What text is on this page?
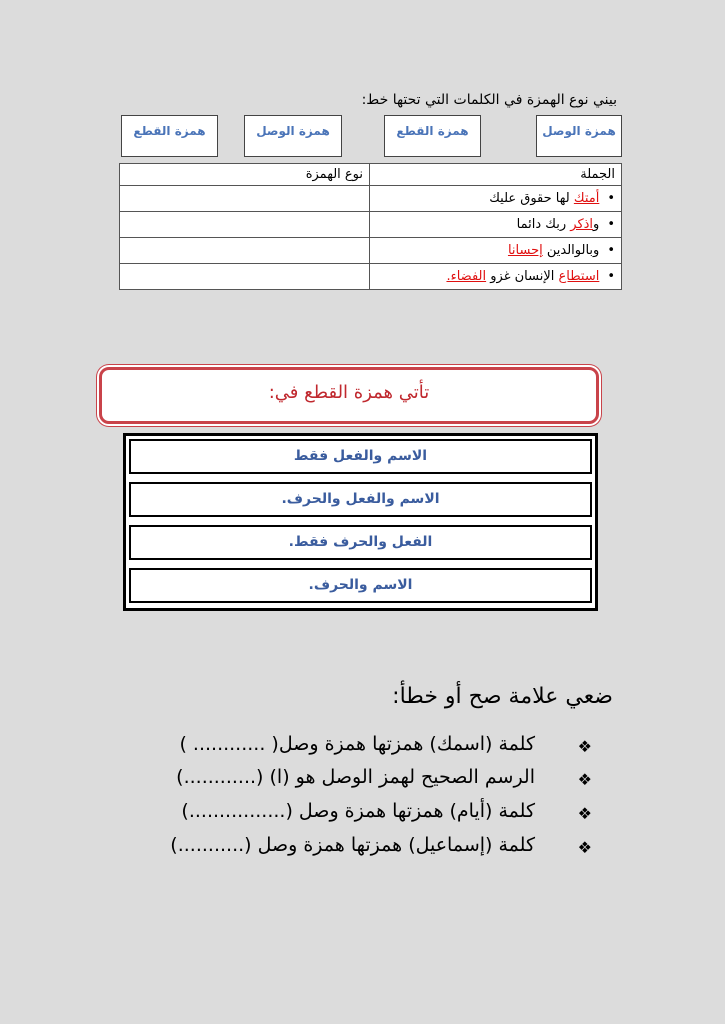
بيني نوع الهمزة في الكلمات التي تحتها خط:
همزة الوصل
همزة القطع
همزة الوصل
همزة القطع
الجملة	نوع الهمزة
•أمتك لها حقوق عليك	
•واذكر ربك دائما	
•وبالوالدين إحسانا	
•استطاع الإنسان غزو الفضاء.	
تأتي همزة القطع في:
الاسم والفعل فقط
الاسم والفعل والحرف.
الفعل والحرف فقط.
الاسم والحرف.
ضعي علامة صح أو خطأ:
❖
كلمة (اسمك) همزتها همزة وصل( ............ )
❖
الرسم الصحيح لهمز الوصل هو (ا) (............)
❖
كلمة (أيام) همزتها همزة وصل (................)
❖
كلمة (إسماعيل) همزتها همزة وصل (...........)
